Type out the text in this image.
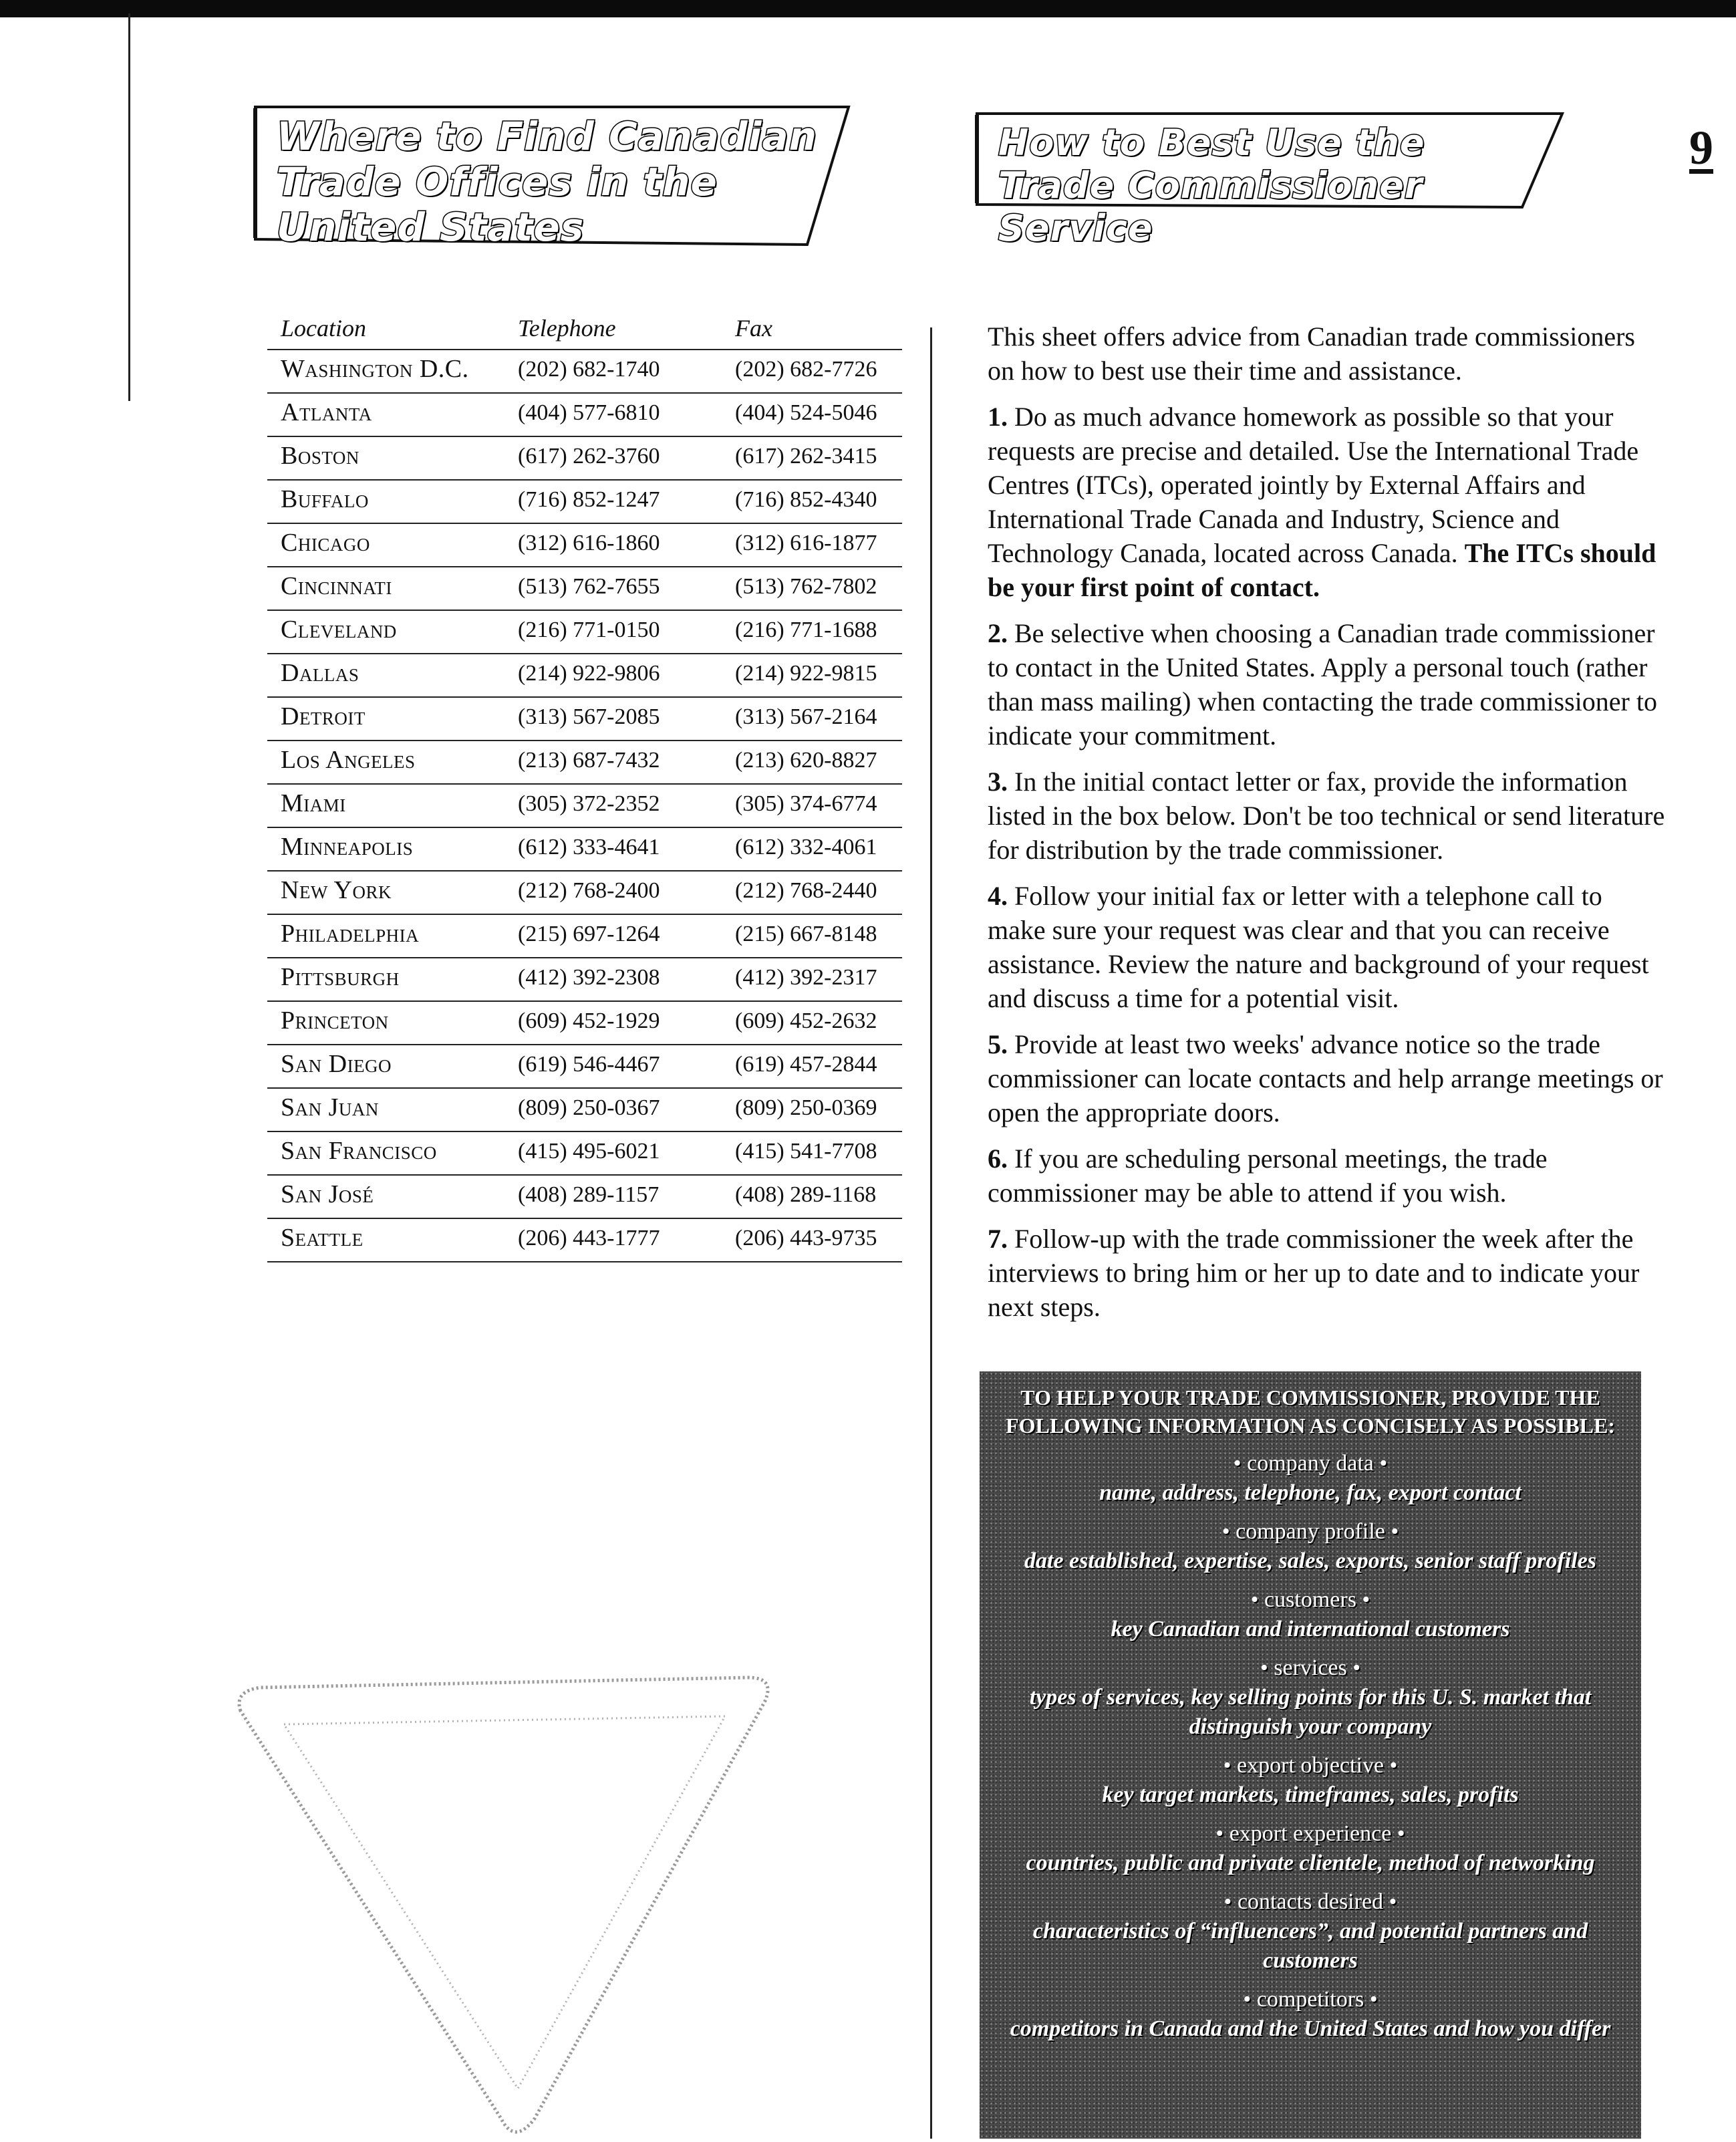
9
Where to Find Canadian Trade Offices in the United States
How to Best Use the Trade Commissioner Service
Location	Telephone	Fax
Washington D.C. (202) 682-1740	(202) 682-7726
Atlanta	(404) 577-6810	(404) 524-5046
Boston	(617) 262-3760	(617) 262-3415
Buffalo	(716) 852-1247	(716) 852-4340
Chicago	(312) 616-1860	(312) 616-1877
Cincinnati	(513) 762-7655	(513) 762-7802
Cleveland	(216) 771-0150	(216) 771-1688
Dallas	(214) 922-9806	(214) 922-9815
Detroit	(313) 567-2085	(313) 567-2164
Los Angeles	(213) 687-7432	(213) 620-8827
Miami	(305) 372-2352	(305) 374-6774
Minneapolis	(612) 333-4641	(612) 332-4061
New York	(212) 768-2400	(212) 768-2440
Philadelphia	(215) 697-1264	(215) 667-8148
Pittsburgh	(412) 392-2308	(412) 392-2317
Princeton	(609) 452-1929	(609) 452-2632
San Diego	(619) 546-4467	(619) 457-2844
San Juan	(809) 250-0367	(809) 250-0369
San Francisco	(415) 495-6021	(415) 541-7708
San José	(408) 289-1157	(408) 289-1168
Seattle	(206) 443-1777	(206) 443-9735

This sheet offers advice from Canadian trade commissioners on how to best use their time and assistance.

1. Do as much advance homework as possible so that your requests are precise and detailed. Use the International Trade Centres (ITCs), operated jointly by External Affairs and International Trade Canada and Industry, Science and Technology Canada, located across Canada. The ITCs should be your first point of contact.

2. Be selective when choosing a Canadian trade commissioner to contact in the United States. Apply a personal touch (rather than mass mailing) when contacting the trade commissioner to indicate your commitment.

3. In the initial contact letter or fax, provide the information listed in the box below. Don't be too technical or send literature for distribution by the trade commissioner.

4. Follow your initial fax or letter with a telephone call to make sure your request was clear and that you can receive assistance. Review the nature and background of your request and discuss a time for a potential visit.

5. Provide at least two weeks' advance notice so the trade commissioner can locate contacts and help arrange meetings or open the appropriate doors.

6. If you are scheduling personal meetings, the trade commissioner may be able to attend if you wish.

7. Follow-up with the trade commissioner the week after the interviews to bring him or her up to date and to indicate your next steps.

TO HELP YOUR TRADE COMMISSIONER, PROVIDE THE
FOLLOWING INFORMATION AS CONCISELY AS POSSIBLE:
• company data •
name, address, telephone, fax, export contact
• company profile •
date established, expertise, sales, exports, senior staff profiles
• customers •
key Canadian and international customers
• services •
types of services, key selling points for this U. S. market that distinguish your company
• export objective •
key target markets, timeframes, sales, profits
• export experience •
countries, public and private clientele, method of networking
• contacts desired •
characteristics of “influencers”, and potential partners and customers
• competitors •
competitors in Canada and the United States and how you differ
